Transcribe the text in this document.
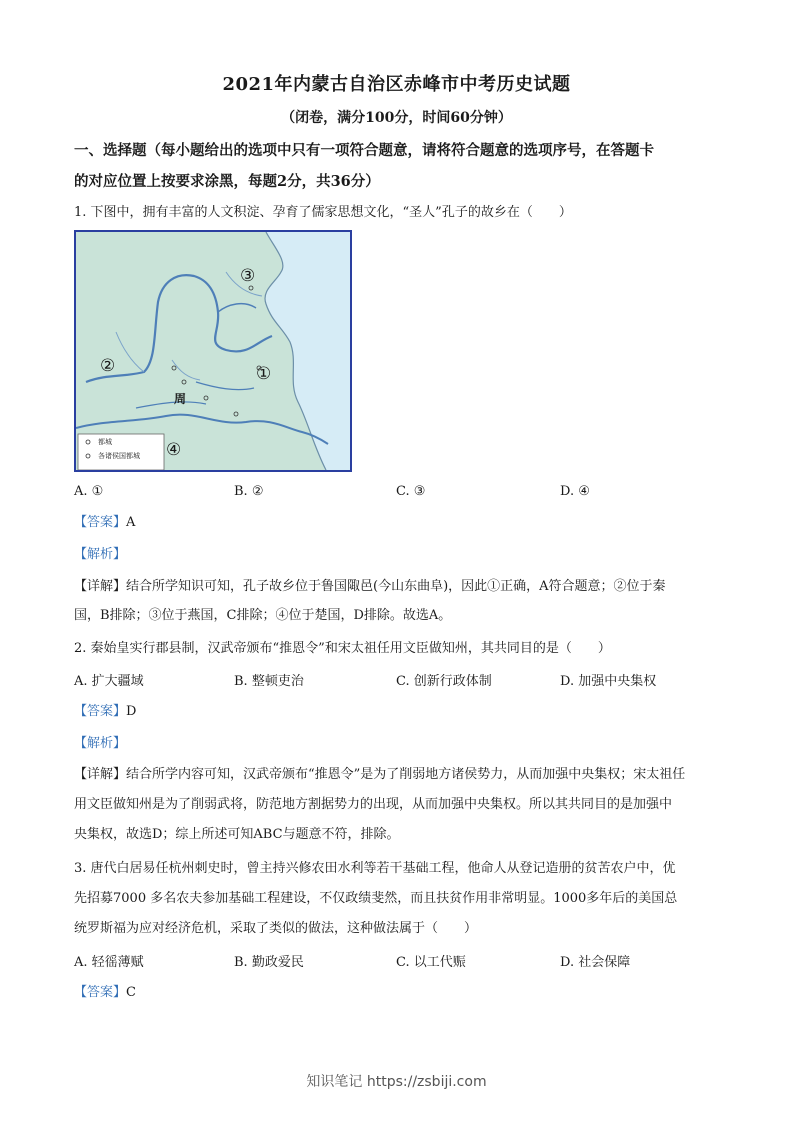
2021年内蒙古自治区赤峰市中考历史试题
（闭卷，满分100分，时间60分钟）
一、选择题（每小题给出的选项中只有一项符合题意，请将符合题意的选项序号，在答题卡
的对应位置上按要求涂黑，每题2分，共36分）
1. 下图中，拥有丰富的人文积淀、孕育了儒家思想文化，“圣人”孔子的故乡在（　　）
③
②	①
④
周
都城
各诸侯国都城
A. ①	B. ②	C. ③	D. ④
【答案】A
【解析】
【详解】结合所学知识可知，孔子故乡位于鲁国陬邑(今山东曲阜)，因此①正确，A符合题意；②位于秦
国，B排除；③位于燕国，C排除；④位于楚国，D排除。故选A。
2. 秦始皇实行郡县制，汉武帝颁布“推恩令”和宋太祖任用文臣做知州，其共同目的是（　　）
A. 扩大疆域	B. 整顿吏治	C. 创新行政体制	D. 加强中央集权
【答案】D
【解析】
【详解】结合所学内容可知，汉武帝颁布“推恩令”是为了削弱地方诸侯势力，从而加强中央集权；宋太祖任
用文臣做知州是为了削弱武将，防范地方割据势力的出现，从而加强中央集权。所以其共同目的是加强中
央集权，故选D；综上所述可知ABC与题意不符，排除。
3. 唐代白居易任杭州刺史时，曾主持兴修农田水利等若干基础工程，他命人从登记造册的贫苦农户中，优
先招募7000 多名农夫参加基础工程建设，不仅政绩斐然，而且扶贫作用非常明显。1000多年后的美国总
统罗斯福为应对经济危机，采取了类似的做法，这种做法属于（　　）
A. 轻徭薄赋	B. 勤政爱民	C. 以工代赈	D. 社会保障
【答案】C
知识笔记 https://zsbiji.com
